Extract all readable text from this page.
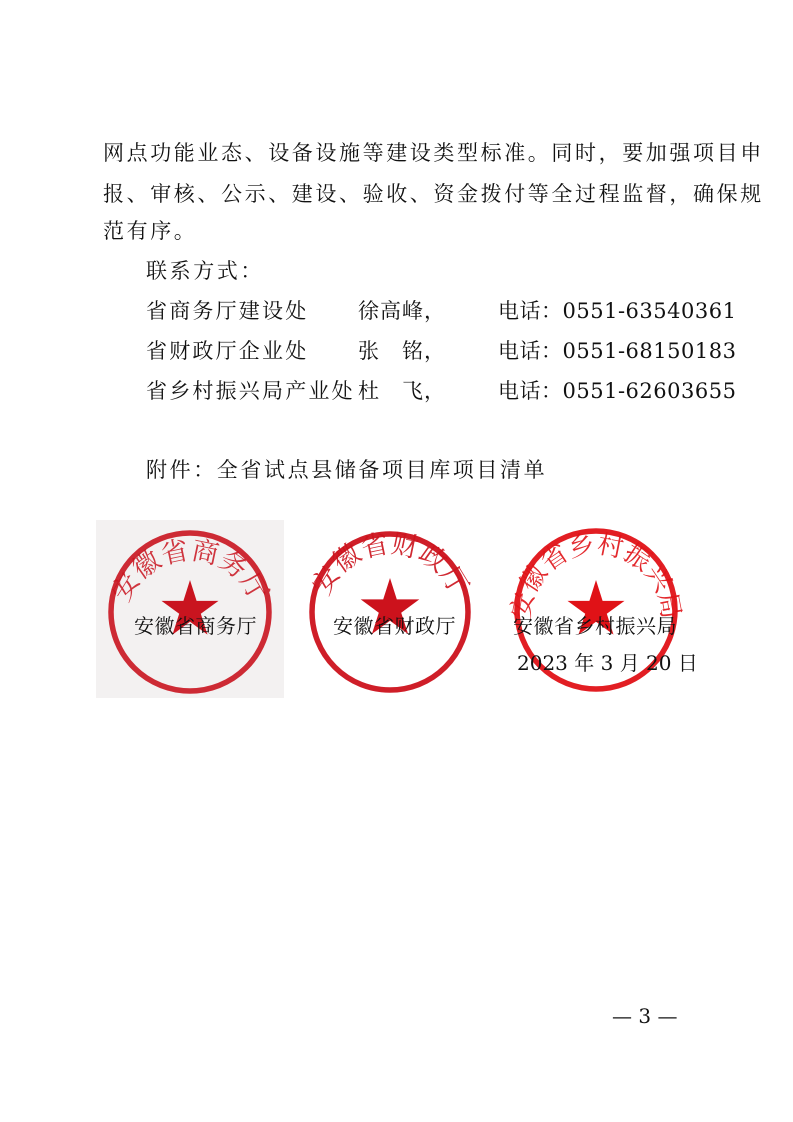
网点功能业态、设备设施等建设类型标准。同时，要加强项目申
报、审核、公示、建设、验收、资金拨付等全过程监督，确保规
范有序。
联系方式：
省商务厅建设处 徐高峰， 电话：0551-63540361
省财政厅企业处 张　铭， 电话：0551-68150183
省乡村振兴局产业处 杜　飞， 电话：0551-62603655
附件：全省试点县储备项目库项目清单
安徽省商务厅 安徽省财政厅
安徽省乡村振兴局
安徽省商务厅	安徽省财政厅	安徽省乡村振兴局
2023 年 3 月 20 日
— 3 —
